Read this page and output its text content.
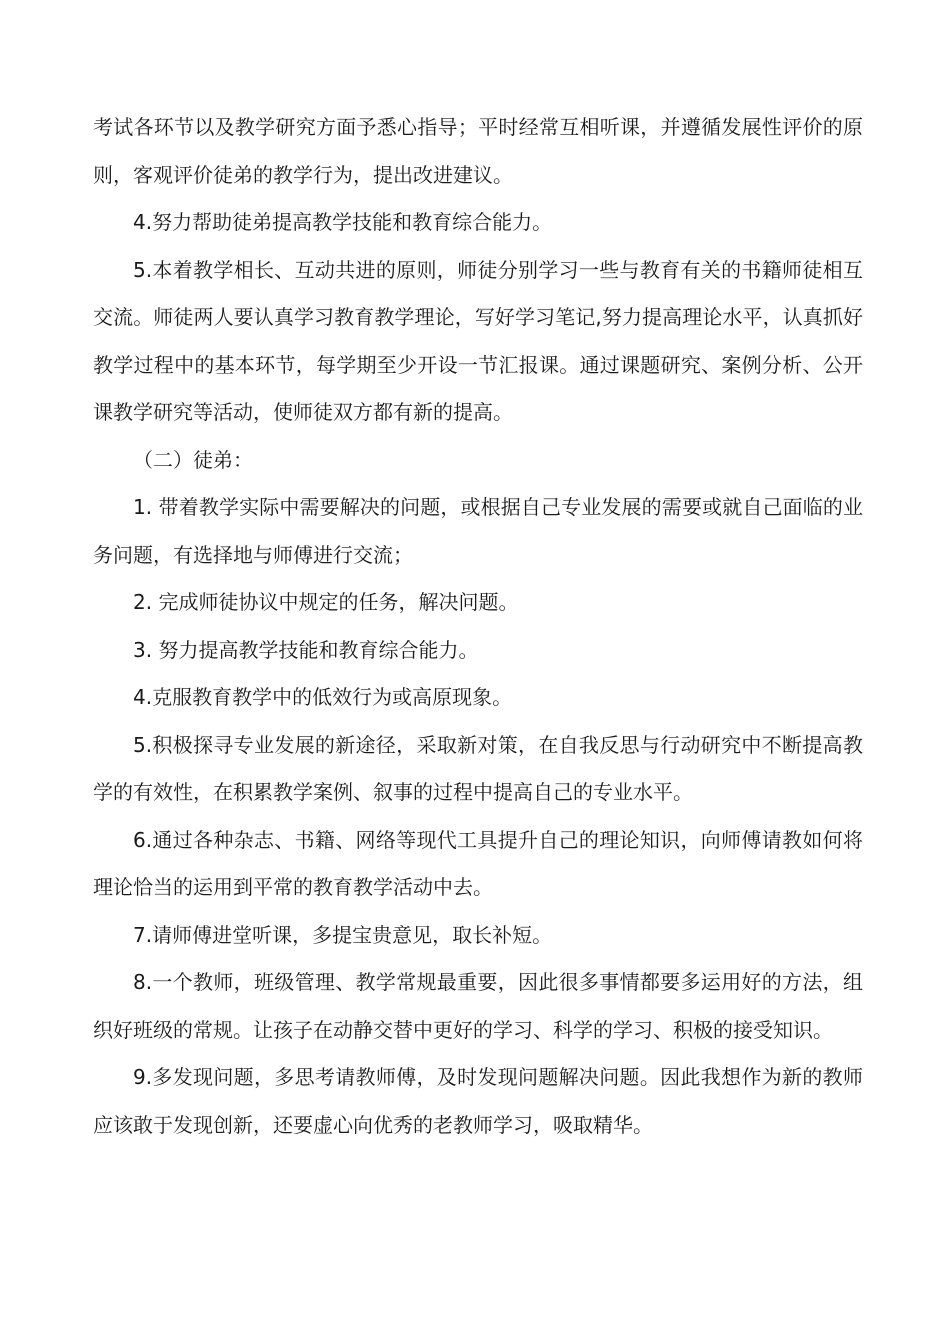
考试各环节以及教学研究方面予悉心指导；平时经常互相听课，并遵循发展性评价的原则，客观评价徒弟的教学行为，提出改进建议。

4.努力帮助徒弟提高教学技能和教育综合能力。

5.本着教学相长、互动共进的原则，师徒分别学习一些与教育有关的书籍师徒相互交流。师徒两人要认真学习教育教学理论，写好学习笔记,努力提高理论水平，认真抓好教学过程中的基本环节，每学期至少开设一节汇报课。通过课题研究、案例分析、公开课教学研究等活动，使师徒双方都有新的提高。

（二）徒弟：

1. 带着教学实际中需要解决的问题，或根据自己专业发展的需要或就自己面临的业务问题，有选择地与师傅进行交流；

2. 完成师徒协议中规定的任务，解决问题。

3. 努力提高教学技能和教育综合能力。

4.克服教育教学中的低效行为或高原现象。

5.积极探寻专业发展的新途径，采取新对策，在自我反思与行动研究中不断提高教学的有效性，在积累教学案例、叙事的过程中提高自己的专业水平。

6.通过各种杂志、书籍、网络等现代工具提升自己的理论知识，向师傅请教如何将理论恰当的运用到平常的教育教学活动中去。

7.请师傅进堂听课，多提宝贵意见，取长补短。

8.一个教师，班级管理、教学常规最重要，因此很多事情都要多运用好的方法，组织好班级的常规。让孩子在动静交替中更好的学习、科学的学习、积极的接受知识。

9.多发现问题，多思考请教师傅，及时发现问题解决问题。因此我想作为新的教师应该敢于发现创新，还要虚心向优秀的老教师学习，吸取精华。
